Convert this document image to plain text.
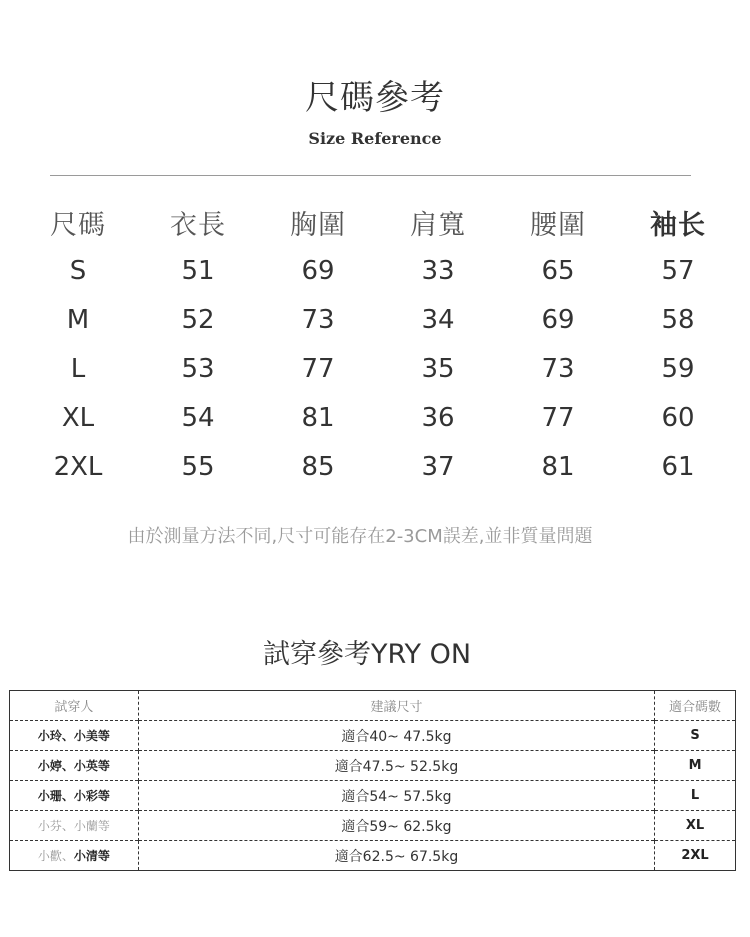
尺碼參考
Size Reference
尺碼	衣長	胸圍	肩寬	腰圍	袖长
S	51	69	33	65	57
M	52	73	34	69	58
L	53	77	35	73	59
XL	54	81	36	77	60
2XL	55	85	37	81	61
由於測量方法不同,尺寸可能存在2-3CM誤差,並非質量問題
試穿參考YRY ON
試穿人	建議尺寸	適合碼數
小玲、小美等	適合40~ 47.5kg	S
小婷、小英等	適合47.5~ 52.5kg	M
小珊、小彩等	適合54~ 57.5kg	L
小芬、小蘭等	適合59~ 62.5kg	XL
小歡、小清等	適合62.5~ 67.5kg	2XL
